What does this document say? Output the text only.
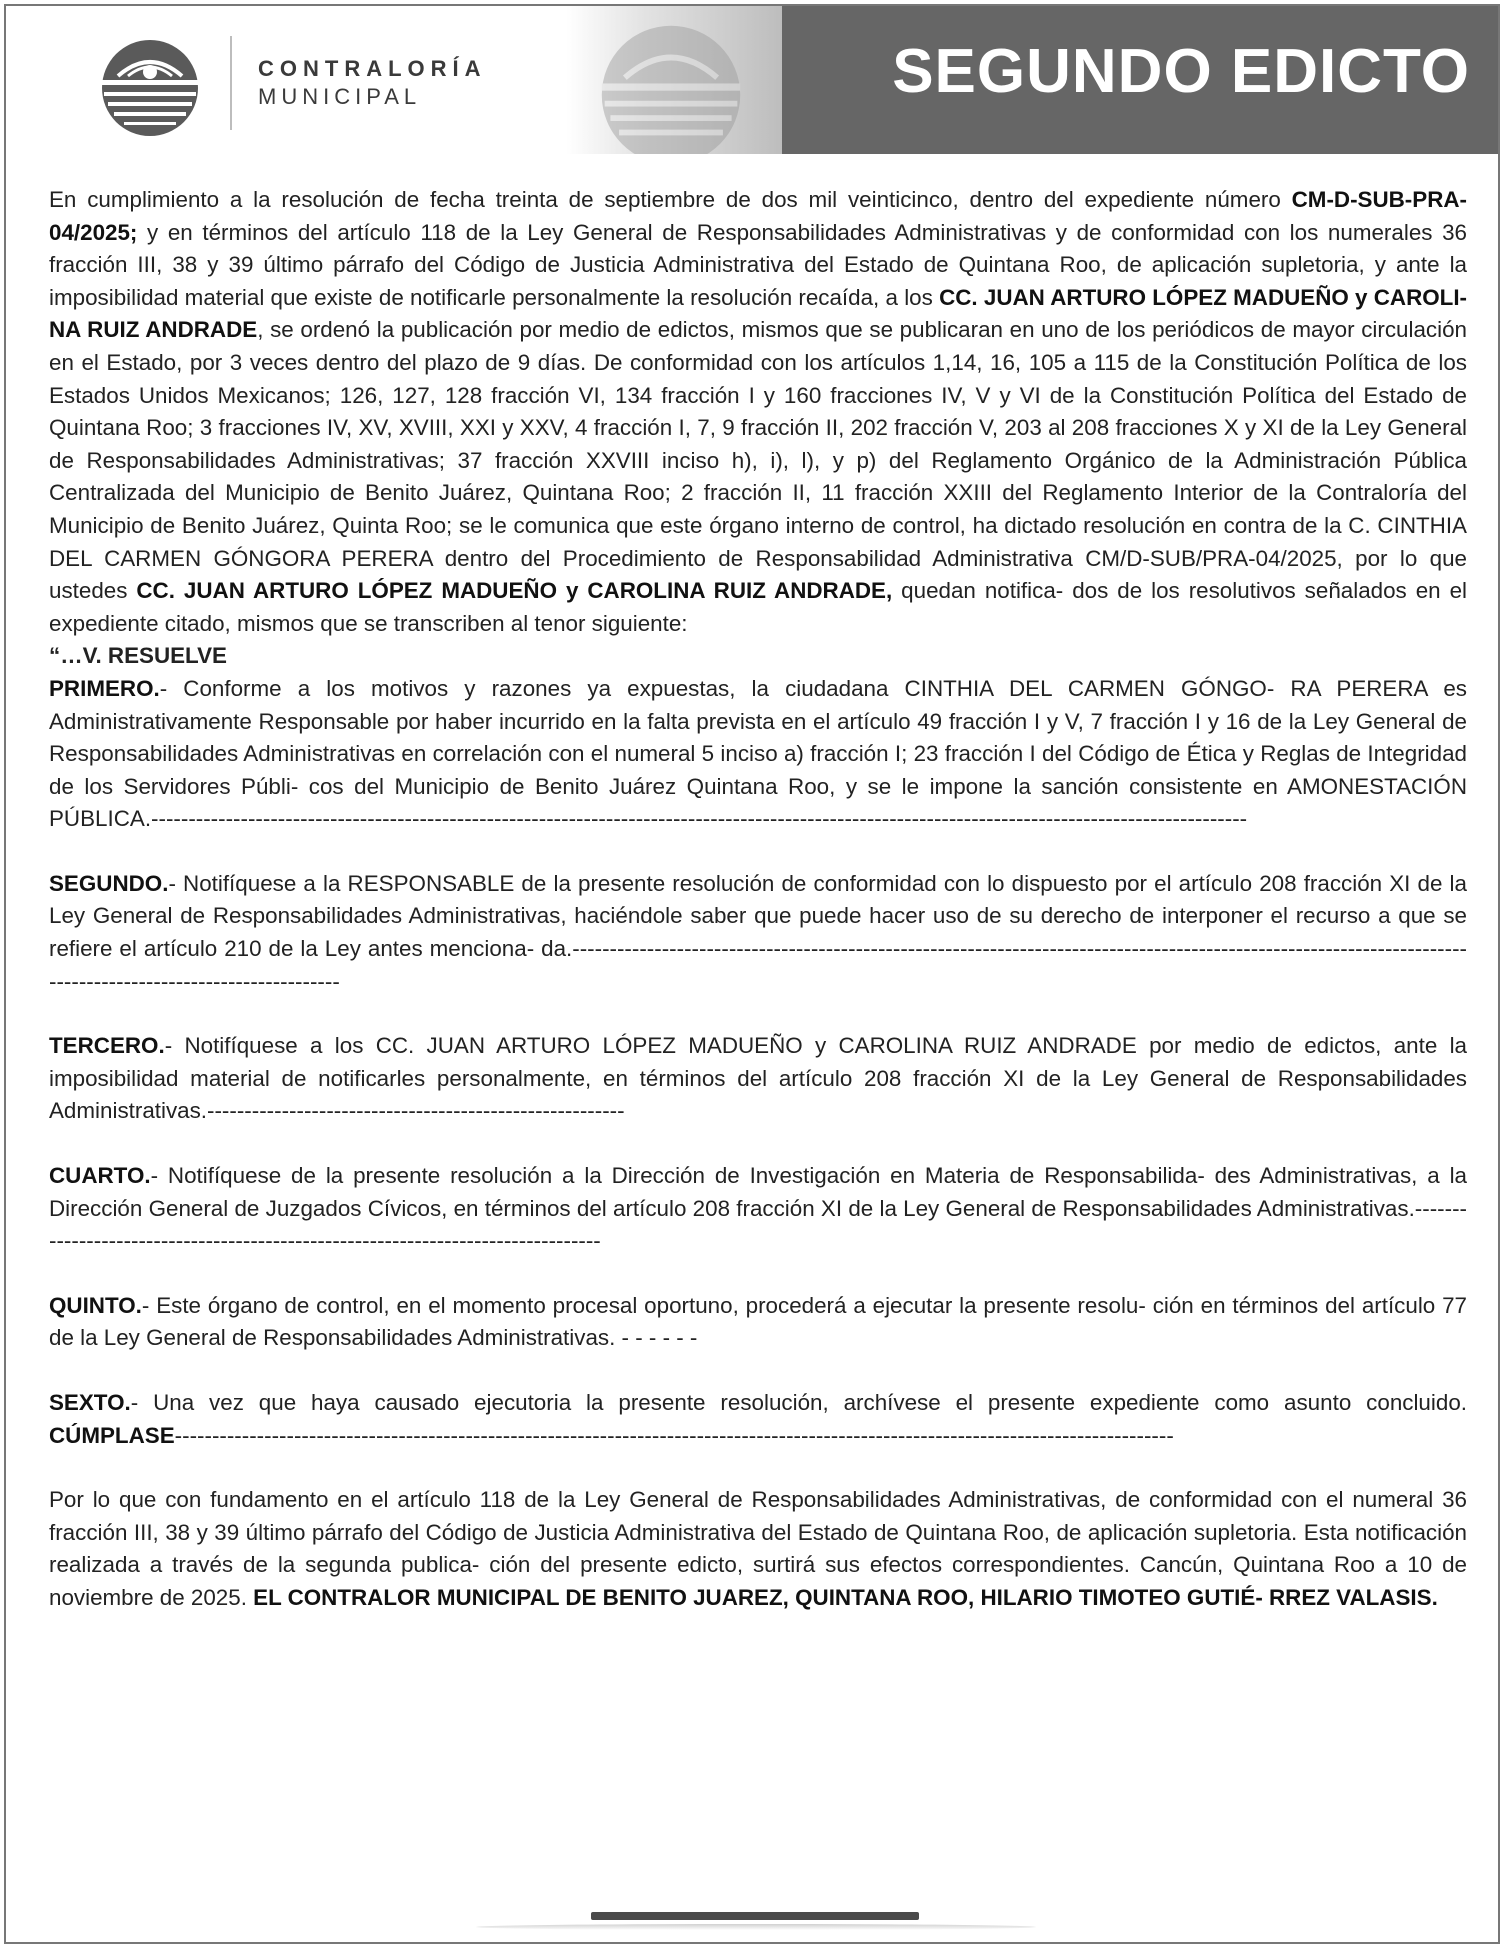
CONTRALORÍA
MUNICIPAL	SEGUNDO EDICTO

En cumplimiento a la resolución de fecha treinta de septiembre de dos mil veinticinco, dentro del expediente número CM-D-SUB-PRA-04/2025; y en términos del artículo 118 de la Ley General de Responsabilidades Administrativas y de conformidad con los numerales 36 fracción III, 38 y 39 último párrafo del Código de Justicia Administrativa del Estado de Quintana Roo, de aplicación supletoria, y ante la imposibilidad material que existe de notificarle personalmente la resolución recaída, a los CC. JUAN ARTURO LÓPEZ MADUEÑO y CAROLI- NA RUIZ ANDRADE, se ordenó la publicación por medio de edictos, mismos que se publicaran en uno de los periódicos de mayor circulación en el Estado, por 3 veces dentro del plazo de 9 días. De conformidad con los artículos 1,14, 16, 105 a 115 de la Constitución Política de los Estados Unidos Mexicanos; 126, 127, 128 fracción VI, 134 fracción I y 160 fracciones IV, V y VI de la Constitución Política del Estado de Quintana Roo; 3 fracciones IV, XV, XVIII, XXI y XXV, 4 fracción I, 7, 9 fracción II, 202 fracción V, 203 al 208 fracciones X y XI de la Ley General de Responsabilidades Administrativas; 37 fracción XXVIII inciso h), i), l), y p) del Reglamento Orgánico de la Administración Pública Centralizada del Municipio de Benito Juárez, Quintana Roo; 2 fracción II, 11 fracción XXIII del Reglamento Interior de la Contraloría del Municipio de Benito Juárez, Quinta Roo; se le comunica que este órgano interno de control, ha dictado resolución en contra de la C. CINTHIA DEL CARMEN GÓNGORA PERERA dentro del Procedimiento de Responsabilidad Administrativa CM/D-SUB/PRA-04/2025, por lo que ustedes CC. JUAN ARTURO LÓPEZ MADUEÑO y CAROLINA RUIZ ANDRADE, quedan notifica- dos de los resolutivos señalados en el expediente citado, mismos que se transcriben al tenor siguiente:

“…V. RESUELVE

PRIMERO.- Conforme a los motivos y razones ya expuestas, la ciudadana CINTHIA DEL CARMEN GÓNGO- RA PERERA es Administrativamente Responsable por haber incurrido en la falta prevista en el artículo 49 fracción I y V, 7 fracción I y 16 de la Ley General de Responsabilidades Administrativas en correlación con el numeral 5 inciso a) fracción I; 23 fracción I del Código de Ética y Reglas de Integridad de los Servidores Públi- cos del Municipio de Benito Juárez Quintana Roo, y se le impone la sanción consistente en AMONESTACIÓN PÚBLICA.---------------------------------------------------------------------------------------------------------------------------------------------------

SEGUNDO.- Notifíquese a la RESPONSABLE de la presente resolución de conformidad con lo dispuesto por el artículo 208 fracción XI de la Ley General de Responsabilidades Administrativas, haciéndole saber que puede hacer uso de su derecho de interponer el recurso a que se refiere el artículo 210 de la Ley antes menciona- da.---------------------------------------------------------------------------------------------------------------------------------------------------------------

TERCERO.- Notifíquese a los CC. JUAN ARTURO LÓPEZ MADUEÑO y CAROLINA RUIZ ANDRADE por medio de edictos, ante la imposibilidad material de notificarles personalmente, en términos del artículo 208 fracción XI de la Ley General de Responsabilidades Administrativas.--------------------------------------------------------

CUARTO.- Notifíquese de la presente resolución a la Dirección de Investigación en Materia de Responsabilida- des Administrativas, a la Dirección General de Juzgados Cívicos, en términos del artículo 208 fracción XI de la Ley General de Responsabilidades Administrativas.---------------------------------------------------------------------------------

QUINTO.- Este órgano de control, en el momento procesal oportuno, procederá a ejecutar la presente resolu- ción en términos del artículo 77 de la Ley General de Responsabilidades Administrativas. - - - - - -

SEXTO.- Una vez que haya causado ejecutoria la presente resolución, archívese el presente expediente como asunto concluido. CÚMPLASE--------------------------------------------------------------------------------------------------------------------------------------

Por lo que con fundamento en el artículo 118 de la Ley General de Responsabilidades Administrativas, de conformidad con el numeral 36 fracción III, 38 y 39 último párrafo del Código de Justicia Administrativa del Estado de Quintana Roo, de aplicación supletoria. Esta notificación realizada a través de la segunda publica- ción del presente edicto, surtirá sus efectos correspondientes. Cancún, Quintana Roo a 10 de noviembre de 2025. EL CONTRALOR MUNICIPAL DE BENITO JUAREZ, QUINTANA ROO, HILARIO TIMOTEO GUTIÉ- RREZ VALASIS.
